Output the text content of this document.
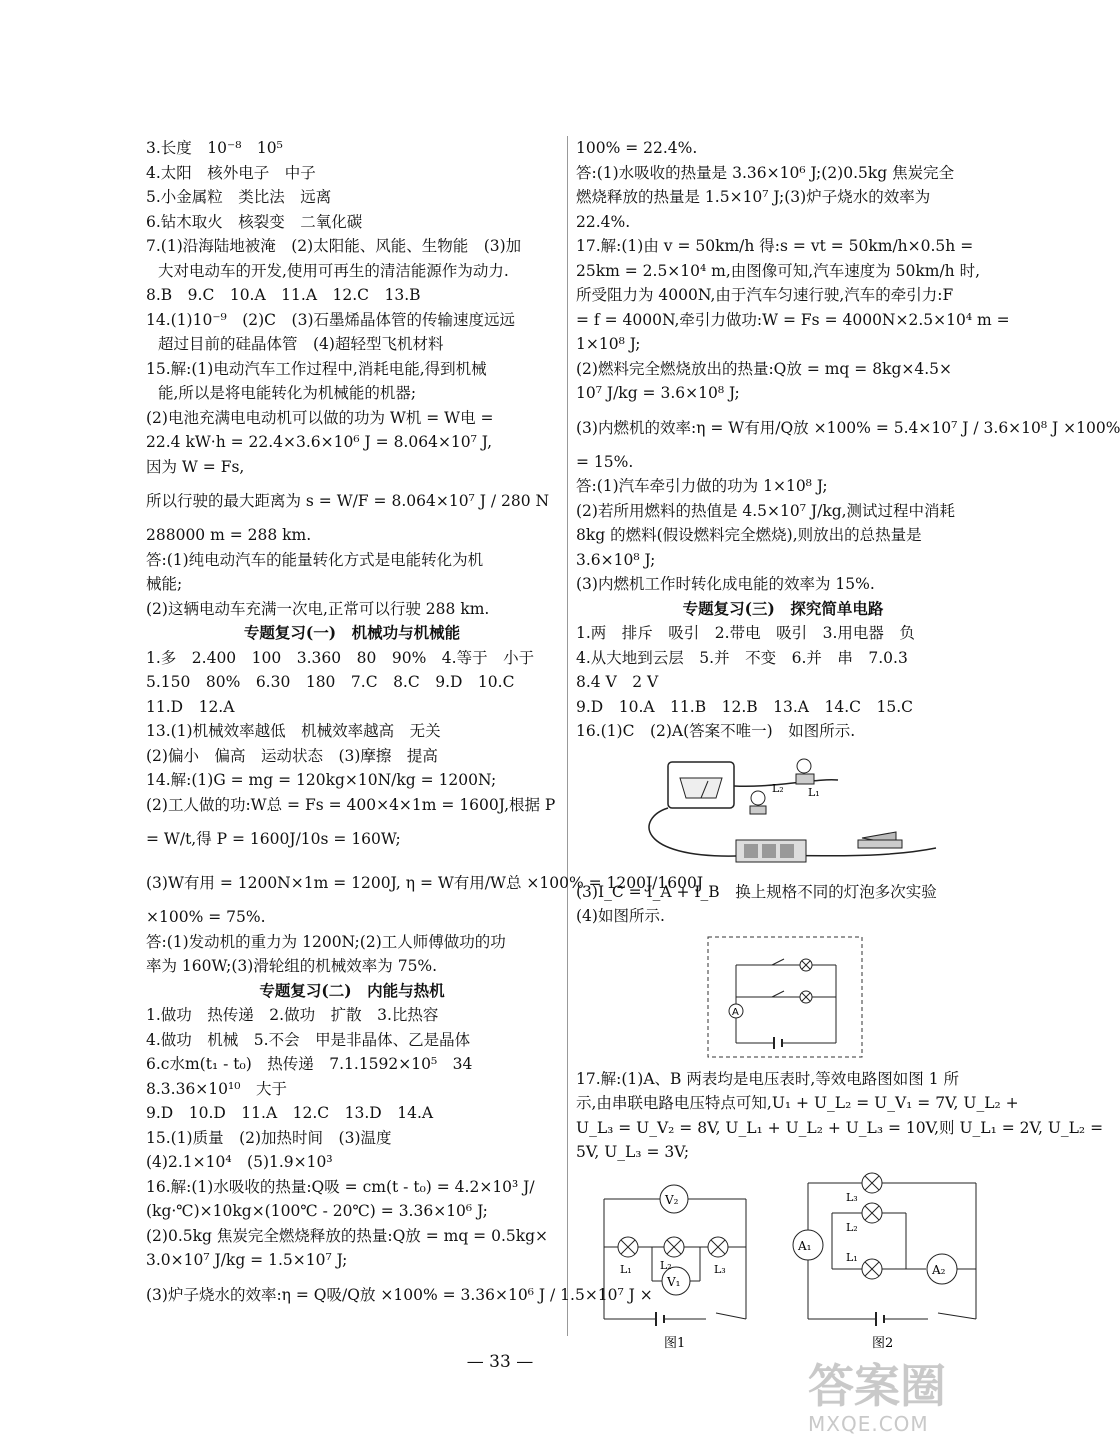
3.长度　10⁻⁸　10⁵
4.太阳　核外电子　中子
5.小金属粒　类比法　远离
6.钻木取火　核裂变　二氧化碳
7.(1)沿海陆地被淹　(2)太阳能、风能、生物能　(3)加
大对电动车的开发,使用可再生的清洁能源作为动力.
8.B　9.C　10.A　11.A　12.C　13.B
14.(1)10⁻⁹　(2)C　(3)石墨烯晶体管的传输速度远远
超过目前的硅晶体管　(4)超轻型飞机材料
15.解:(1)电动汽车工作过程中,消耗电能,得到机械
能,所以是将电能转化为机械能的机器;
(2)电池充满电电动机可以做的功为 W机 = W电 =
22.4 kW·h = 22.4×3.6×10⁶ J = 8.064×10⁷ J,
因为 W = Fs,
所以行驶的最大距离为 s = W/F = 8.064×10⁷ J / 280 N
288000 m = 288 km.
答:(1)纯电动汽车的能量转化方式是电能转化为机
械能;
(2)这辆电动车充满一次电,正常可以行驶 288 km.
专题复习(一)　机械功与机械能
1.多　2.400　100　3.360　80　90%　4.等于　小于
5.150　80%　6.30　180　7.C　8.C　9.D　10.C
11.D　12.A
13.(1)机械效率越低　机械效率越高　无关
(2)偏小　偏高　运动状态　(3)摩擦　提高
14.解:(1)G = mg = 120kg×10N/kg = 1200N;
(2)工人做的功:W总 = Fs = 400×4×1m = 1600J,根据 P
= W/t,得 P = 1600J/10s = 160W;
(3)W有用 = 1200N×1m = 1200J, η = W有用/W总 ×100% = 1200J/1600J
×100% = 75%.
答:(1)发动机的重力为 1200N;(2)工人师傅做功的功
率为 160W;(3)滑轮组的机械效率为 75%.
专题复习(二)　内能与热机
1.做功　热传递　2.做功　扩散　3.比热容
4.做功　机械　5.不会　甲是非晶体、乙是晶体
6.c水m(t₁ - t₀)　热传递　7.1.1592×10⁵　34
8.3.36×10¹⁰　大于
9.D　10.D　11.A　12.C　13.D　14.A
15.(1)质量　(2)加热时间　(3)温度
(4)2.1×10⁴　(5)1.9×10³
16.解:(1)水吸收的热量:Q吸 = cm(t - t₀) = 4.2×10³ J/
(kg·℃)×10kg×(100℃ - 20℃) = 3.36×10⁶ J;
(2)0.5kg 焦炭完全燃烧释放的热量:Q放 = mq = 0.5kg×
3.0×10⁷ J/kg = 1.5×10⁷ J;
(3)炉子烧水的效率:η = Q吸/Q放 ×100% = 3.36×10⁶ J / 1.5×10⁷ J ×
100% = 22.4%.
答:(1)水吸收的热量是 3.36×10⁶ J;(2)0.5kg 焦炭完全
燃烧释放的热量是 1.5×10⁷ J;(3)炉子烧水的效率为
22.4%.
17.解:(1)由 v = 50km/h 得:s = vt = 50km/h×0.5h =
25km = 2.5×10⁴ m,由图像可知,汽车速度为 50km/h 时,
所受阻力为 4000N,由于汽车匀速行驶,汽车的牵引力:F
= f = 4000N,牵引力做功:W = Fs = 4000N×2.5×10⁴ m =
1×10⁸ J;
(2)燃料完全燃烧放出的热量:Q放 = mq = 8kg×4.5×
10⁷ J/kg = 3.6×10⁸ J;
(3)内燃机的效率:η = W有用/Q放 ×100% = 5.4×10⁷ J / 3.6×10⁸ J ×100%
= 15%.
答:(1)汽车牵引力做的功为 1×10⁸ J;
(2)若所用燃料的热值是 4.5×10⁷ J/kg,测试过程中消耗
8kg 的燃料(假设燃料完全燃烧),则放出的总热量是
3.6×10⁸ J;
(3)内燃机工作时转化成电能的效率为 15%.
专题复习(三)　探究简单电路
1.两　排斥　吸引　2.带电　吸引　3.用电器　负
4.从大地到云层　5.并　不变　6.并　串　7.0.3
8.4 V　2 V
9.D　10.A　11.B　12.B　13.A　14.C　15.C
16.(1)C　(2)A(答案不唯一)　如图所示.
L₂ L₁
(3)I_C = I_A + I_B　换上规格不同的灯泡多次实验
(4)如图所示.
A
17.解:(1)A、B 两表均是电压表时,等效电路图如图 1 所
示,由串联电路电压特点可知,U₁ + U_L₂ = U_V₁ = 7V, U_L₂ +
U_L₃ = U_V₂ = 8V, U_L₁ + U_L₂ + U_L₃ = 10V,则 U_L₁ = 2V, U_L₂ =
5V, U_L₃ = 3V;
V₂
V₁
L₁	L₂	L₃
图1
A₁
A₂
L₃
L₂
L₁
图2
— 33 —	答案圈
MXQE.COM
